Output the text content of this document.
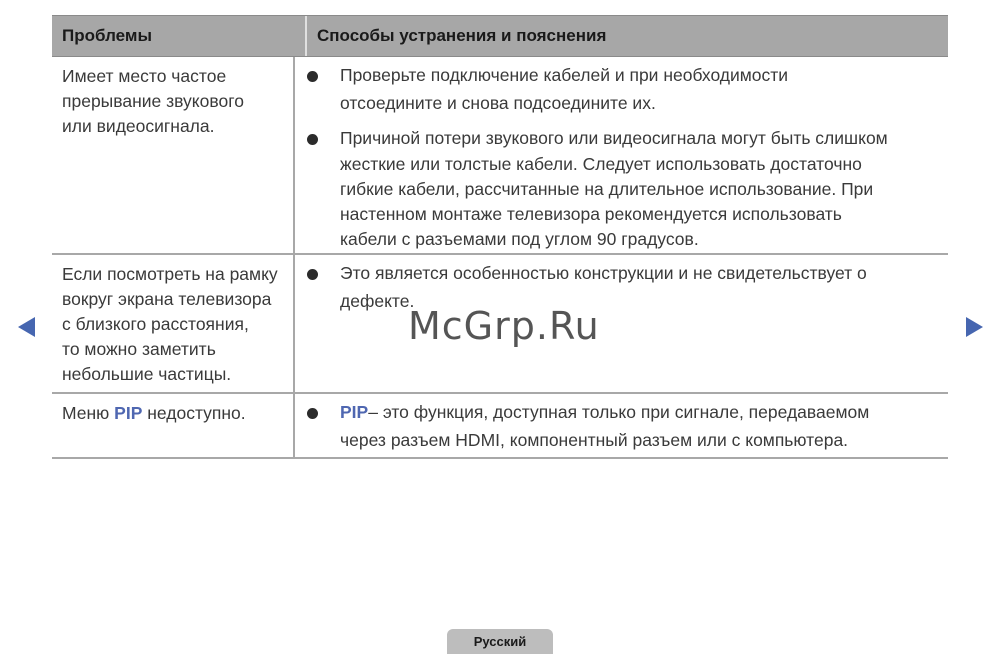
Проблемы	Способы устранения и пояснения
Имеет место частое
прерывание звукового
или видеосигнала.
Проверьте подключение кабелей и при необходимости
отсоедините и снова подсоедините их.
Причиной потери звукового или видеосигнала могут быть слишком
жесткие или толстые кабели. Следует использовать достаточно
гибкие кабели, рассчитанные на длительное использование. При
настенном монтаже телевизора рекомендуется использовать
кабели с разъемами под углом 90 градусов.
Если посмотреть на рамку
вокруг экрана телевизора
с близкого расстояния,
то можно заметить
небольшие частицы.
Это является особенностью конструкции и не свидетельствует о
дефекте.
Меню PIP недоступно.	PIP– это функция, доступная только при сигнале, передаваемом
через разъем HDMI, компонентный разъем или с компьютера.
McGrp.Ru
Русский
